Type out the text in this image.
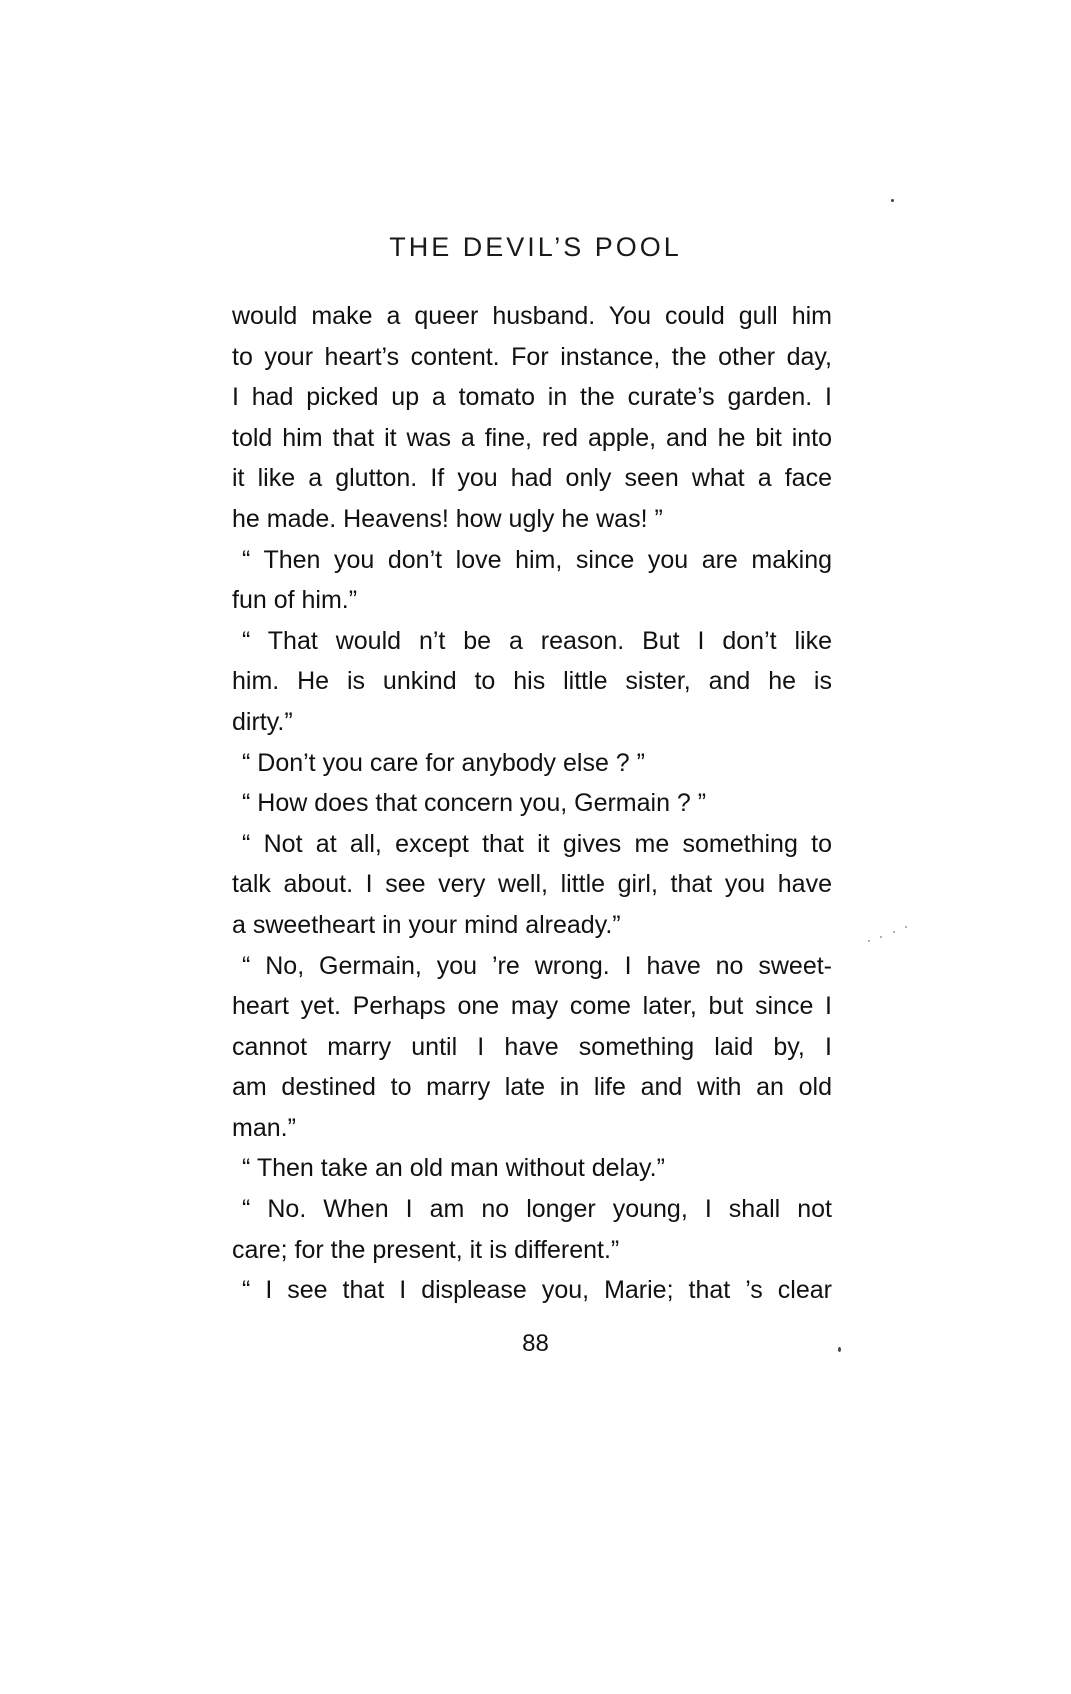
THE DEVIL’S POOL

would make a queer husband. You could gull him
to your heart’s content. For instance, the other day,
I had picked up a tomato in the curate’s garden. I
told him that it was a fine, red apple, and he bit into
it like a glutton. If you had only seen what a face
he made. Heavens! how ugly he was! ”

“ Then you don’t love him, since you are making
fun of him.”

“ That would n’t be a reason. But I don’t like
him. He is unkind to his little sister, and he is
dirty.”

“ Don’t you care for anybody else ? ”

“ How does that concern you, Germain ? ”

“ Not at all, except that it gives me something to
talk about. I see very well, little girl, that you have
a sweetheart in your mind already.”

“ No, Germain, you ’re wrong. I have no sweet-
heart yet. Perhaps one may come later, but since I
cannot marry until I have something laid by, I
am destined to marry late in life and with an old
man.”

“ Then take an old man without delay.”

“ No. When I am no longer young, I shall not
care; for the present, it is different.”

“ I see that I displease you, Marie; that ’s clear

88
